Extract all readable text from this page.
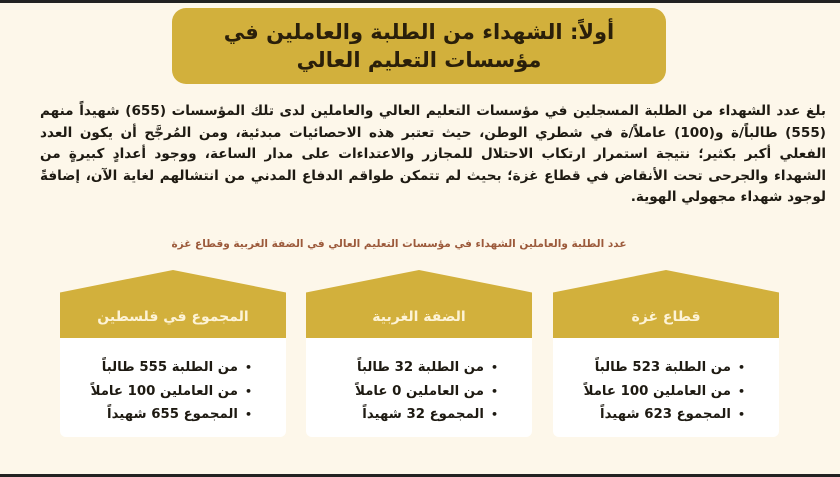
أولاً: الشهداء من الطلبة والعاملين في مؤسسات التعليم العالي
بلغ عدد الشهداء من الطلبة المسجلين في مؤسسات التعليم العالي والعاملين لدى تلك المؤسسات (655) شهيداً منهم (555) طالباً/ة و(100) عاملاً/ة في شطري الوطن، حيث تعتبر هذه الاحصائيات مبدئية، ومن المُرجَّح أن يكون العدد الفعلي أكبر بكثير؛ نتيجة استمرار ارتكاب الاحتلال للمجازر والاعتداءات على مدار الساعة، ووجود أعدادٍ كبيرةٍ من الشهداء والجرحى تحت الأنقاض في قطاع غزة؛ بحيث لم تتمكن طواقم الدفاع المدني من انتشالهم لغاية الآن، إضافةً لوجود شهداء مجهولي الهوية.
عدد الطلبة والعاملين الشهداء في مؤسسات التعليم العالي في الضفة الغربية وقطاع غزة
قطاع غزة
• من الطلبة 523 طالباً
• من العاملين 100 عاملاً
• المجموع 623 شهيداً
الضفة الغربية
• من الطلبة 32 طالباً
• من العاملين 0 عاملاً
• المجموع 32 شهيداً
المجموع في فلسطين
• من الطلبة 555 طالباً
• من العاملين 100 عاملاً
• المجموع 655 شهيداً
